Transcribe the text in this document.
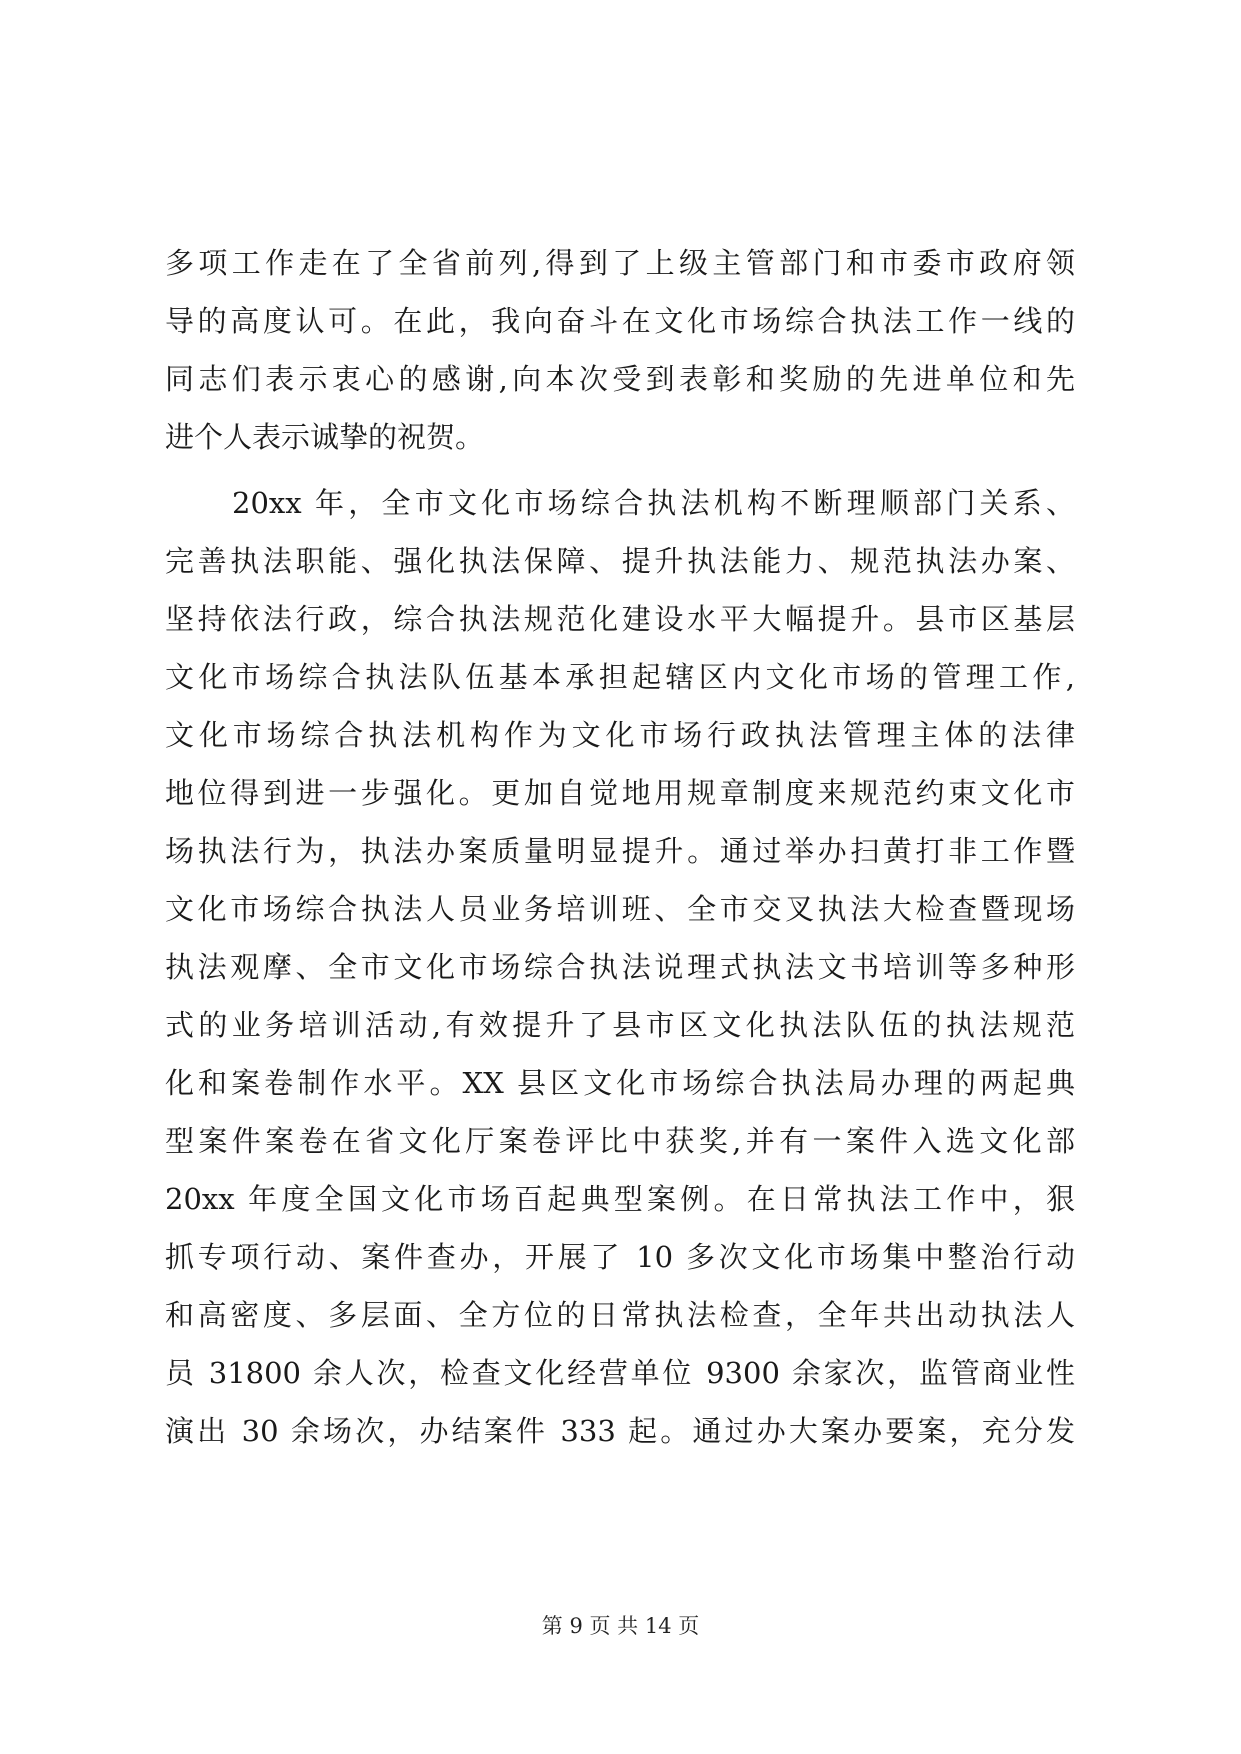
多项工作走在了全省前列,得到了上级主管部门和市委市政府领
导的高度认可。在此，我向奋斗在文化市场综合执法工作一线的
同志们表示衷心的感谢,向本次受到表彰和奖励的先进单位和先
进个人表示诚挚的祝贺。
20xx 年，全市文化市场综合执法机构不断理顺部门关系、
完善执法职能、强化执法保障、提升执法能力、规范执法办案、
坚持依法行政，综合执法规范化建设水平大幅提升。县市区基层
文化市场综合执法队伍基本承担起辖区内文化市场的管理工作,
文化市场综合执法机构作为文化市场行政执法管理主体的法律
地位得到进一步强化。更加自觉地用规章制度来规范约束文化市
场执法行为，执法办案质量明显提升。通过举办扫黄打非工作暨
文化市场综合执法人员业务培训班、全市交叉执法大检查暨现场
执法观摩、全市文化市场综合执法说理式执法文书培训等多种形
式的业务培训活动,有效提升了县市区文化执法队伍的执法规范
化和案卷制作水平。XX 县区文化市场综合执法局办理的两起典
型案件案卷在省文化厅案卷评比中获奖,并有一案件入选文化部
20xx 年度全国文化市场百起典型案例。在日常执法工作中，狠
抓专项行动、案件查办，开展了 10 多次文化市场集中整治行动
和高密度、多层面、全方位的日常执法检查，全年共出动执法人
员 31800 余人次，检查文化经营单位 9300 余家次，监管商业性
演出 30 余场次，办结案件 333 起。通过办大案办要案，充分发
第 9 页 共 14 页
